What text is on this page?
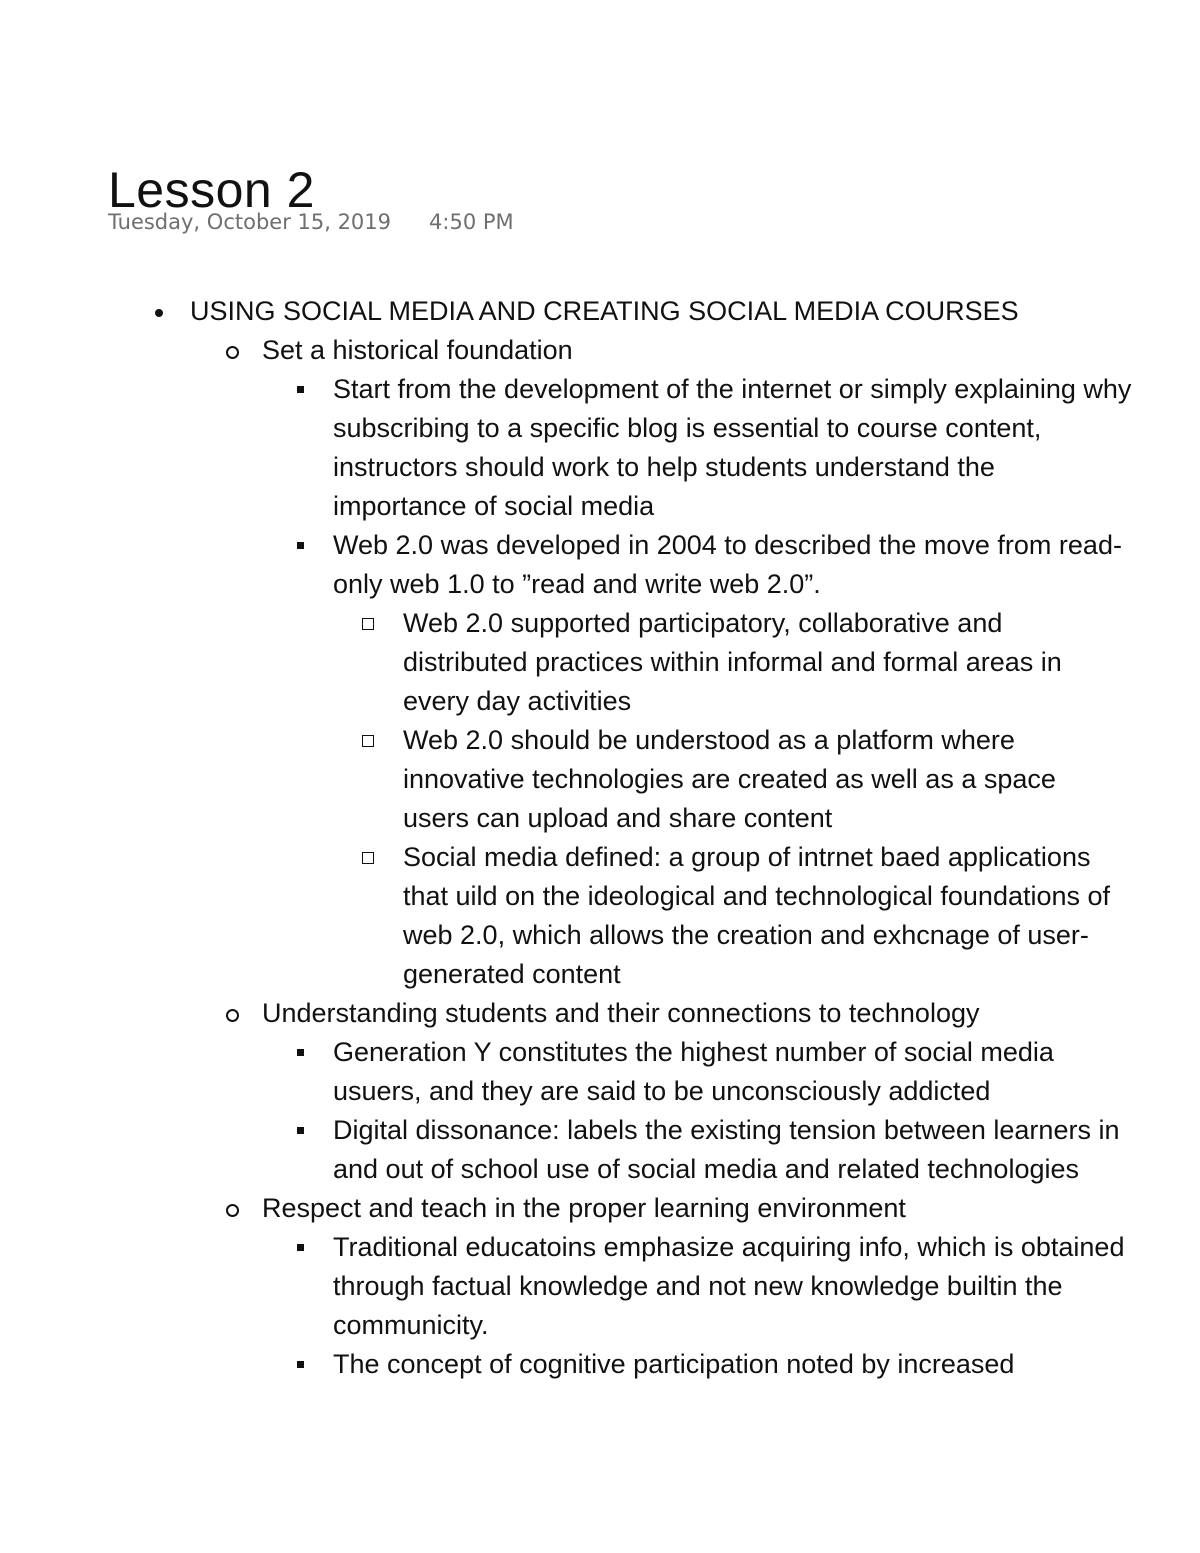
Lesson 2
Tuesday, October 15, 2019 4:50 PM
USING SOCIAL MEDIA AND CREATING SOCIAL MEDIA COURSES
Set a historical foundation
Start from the development of the internet or simply explaining why subscribing to a specific blog is essential to course content, instructors should work to help students understand the importance of social media
Web 2.0 was developed in 2004 to described the move from read-only web 1.0 to ”read and write web 2.0”.
Web 2.0 supported participatory, collaborative and distributed practices within informal and formal areas in every day activities
Web 2.0 should be understood as a platform where innovative technologies are created as well as a space users can upload and share content
Social media defined: a group of intrnet baed applications that uild on the ideological and technological foundations of web 2.0, which allows the creation and exhcnage of user-generated content
Understanding students and their connections to technology
Generation Y constitutes the highest number of social media usuers, and they are said to be unconsciously addicted
Digital dissonance: labels the existing tension between learners in and out of school use of social media and related technologies
Respect and teach in the proper learning environment
Traditional educatoins emphasize acquiring info, which is obtained through factual knowledge and not new knowledge builtin the communicity.
The concept of cognitive participation noted by increased
